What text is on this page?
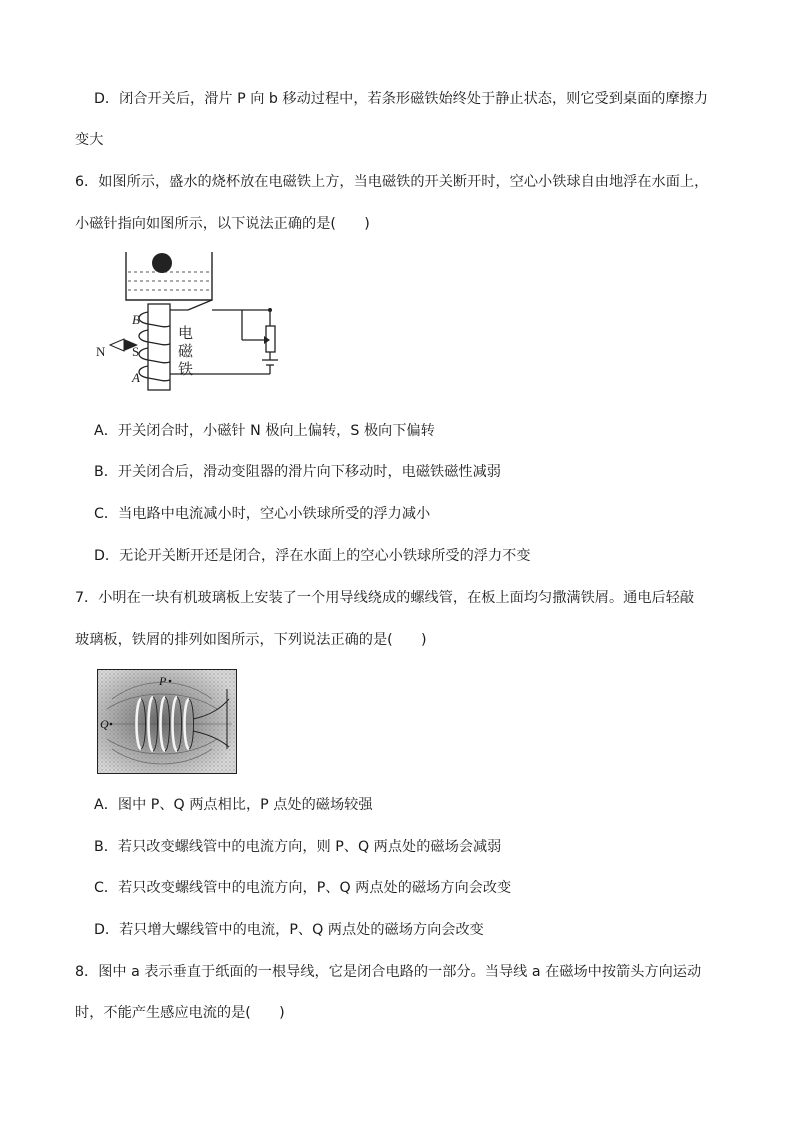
D．闭合开关后，滑片 P 向 b 移动过程中，若条形磁铁始终处于静止状态，则它受到桌面的摩擦力
变大
6．如图所示，盛水的烧杯放在电磁铁上方，当电磁铁的开关断开时，空心小铁球自由地浮在水面上，
小磁针指向如图所示，以下说法正确的是(　　)
B
S
A
N
电
磁
铁
A．开关闭合时，小磁针 N 极向上偏转，S 极向下偏转
B．开关闭合后，滑动变阻器的滑片向下移动时，电磁铁磁性减弱
C．当电路中电流减小时，空心小铁球所受的浮力减小
D．无论开关断开还是闭合，浮在水面上的空心小铁球所受的浮力不变
7．小明在一块有机玻璃板上安装了一个用导线绕成的螺线管，在板上面均匀撒满铁屑。通电后轻敲
玻璃板，铁屑的排列如图所示，下列说法正确的是(　　)
P
Q
A．图中 P、Q 两点相比，P 点处的磁场较强
B．若只改变螺线管中的电流方向，则 P、Q 两点处的磁场会减弱
C．若只改变螺线管中的电流方向，P、Q 两点处的磁场方向会改变
D．若只增大螺线管中的电流，P、Q 两点处的磁场方向会改变
8．图中 a 表示垂直于纸面的一根导线，它是闭合电路的一部分。当导线 a 在磁场中按箭头方向运动
时，不能产生感应电流的是(　　)
